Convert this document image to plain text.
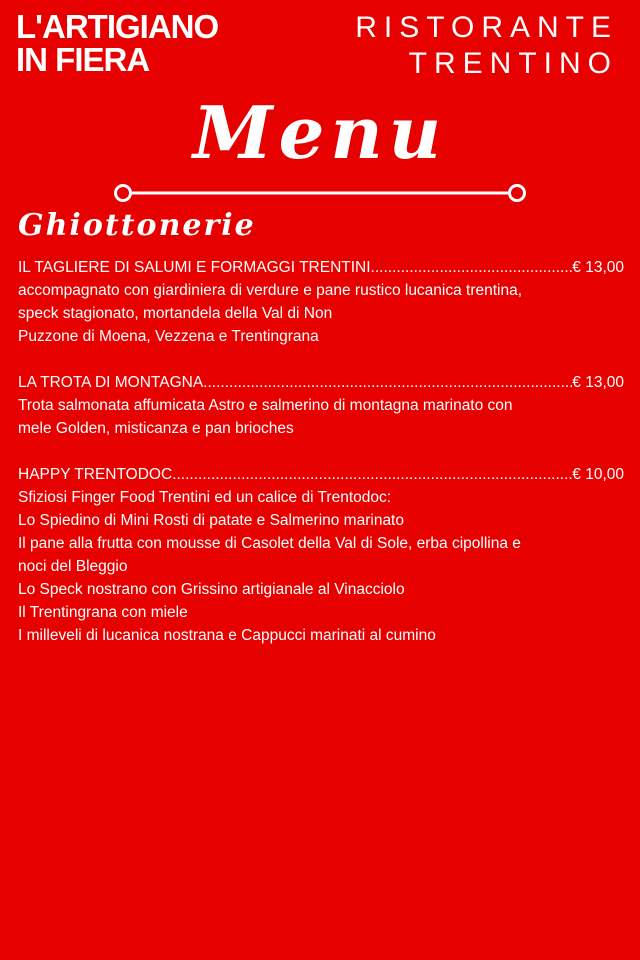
L'ARTIGIANO
IN FIERA
RISTORANTE
TRENTINO
Menu
Ghiottonerie
IL TAGLIERE DI SALUMI E FORMAGGI TRENTINI .....	€ 13,00
accompagnato con giardiniera di verdure e pane rustico lucanica trentina,
speck stagionato, mortandela della Val di Non
Puzzone di Moena, Vezzena e Trentingrana
LA TROTA DI MONTAGNA .....	€ 13,00
Trota salmonata affumicata Astro e salmerino di montagna marinato con
mele Golden, misticanza e pan brioches
HAPPY TRENTODOC .....	€ 10,00
Sfiziosi Finger Food Trentini ed un calice di Trentodoc:
Lo Spiedino di Mini Rosti di patate e Salmerino marinato
Il pane alla frutta con mousse di Casolet della Val di Sole, erba cipollina e
noci del Bleggio
Lo Speck nostrano con Grissino artigianale al Vinacciolo
Il Trentingrana con miele
I milleveli di lucanica nostrana e Cappucci marinati al cumino
